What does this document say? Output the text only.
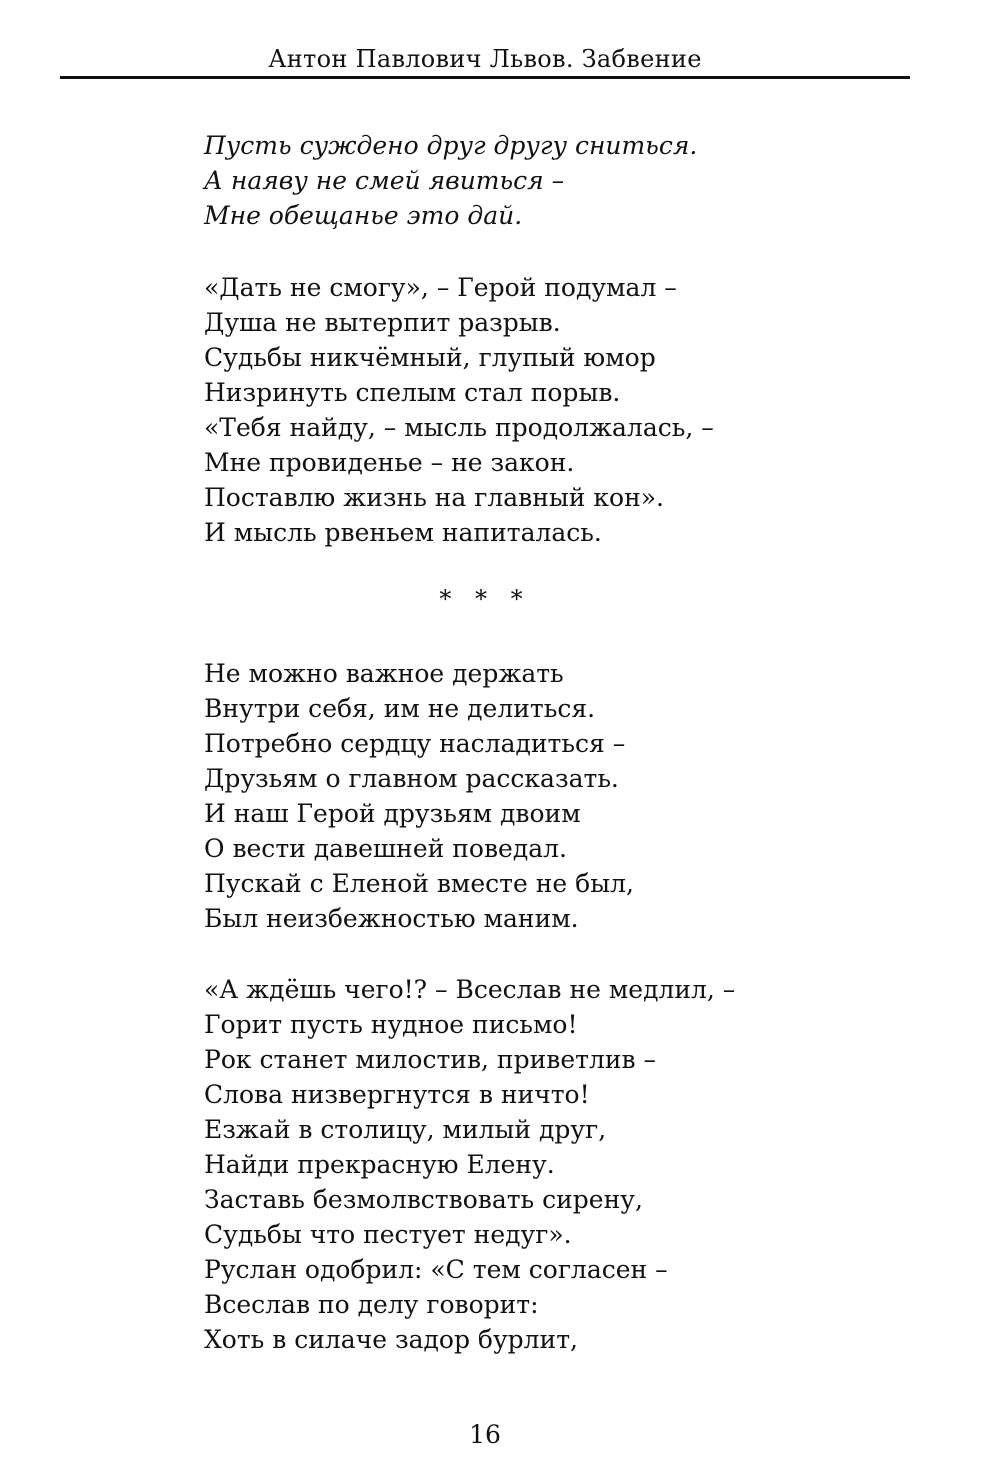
Антон Павлович Львов. Забвение
Пусть суждено друг другу сниться.
А наяву не смей явиться –
Мне обещанье это дай.
«Дать не смогу», – Герой подумал –
Душа не вытерпит разрыв.
Судьбы никчёмный, глупый юмор
Низринуть спелым стал порыв.
«Тебя найду, – мысль продолжалась, –
Мне провиденье – не закон.
Поставлю жизнь на главный кон».
И мысль рвеньем напиталась.
* * *
Не можно важное держать
Внутри себя, им не делиться.
Потребно сердцу насладиться –
Друзьям о главном рассказать.
И наш Герой друзьям двоим
О вести давешней поведал.
Пускай с Еленой вместе не был,
Был неизбежностью маним.
«А ждёшь чего!? – Всеслав не медлил, –
Горит пусть нудное письмо!
Рок станет милостив, приветлив –
Слова низвергнутся в ничто!
Езжай в столицу, милый друг,
Найди прекрасную Елену.
Заставь безмолвствовать сирену,
Судьбы что пестует недуг».
Руслан одобрил: «С тем согласен –
Всеслав по делу говорит:
Хоть в силаче задор бурлит,
16
